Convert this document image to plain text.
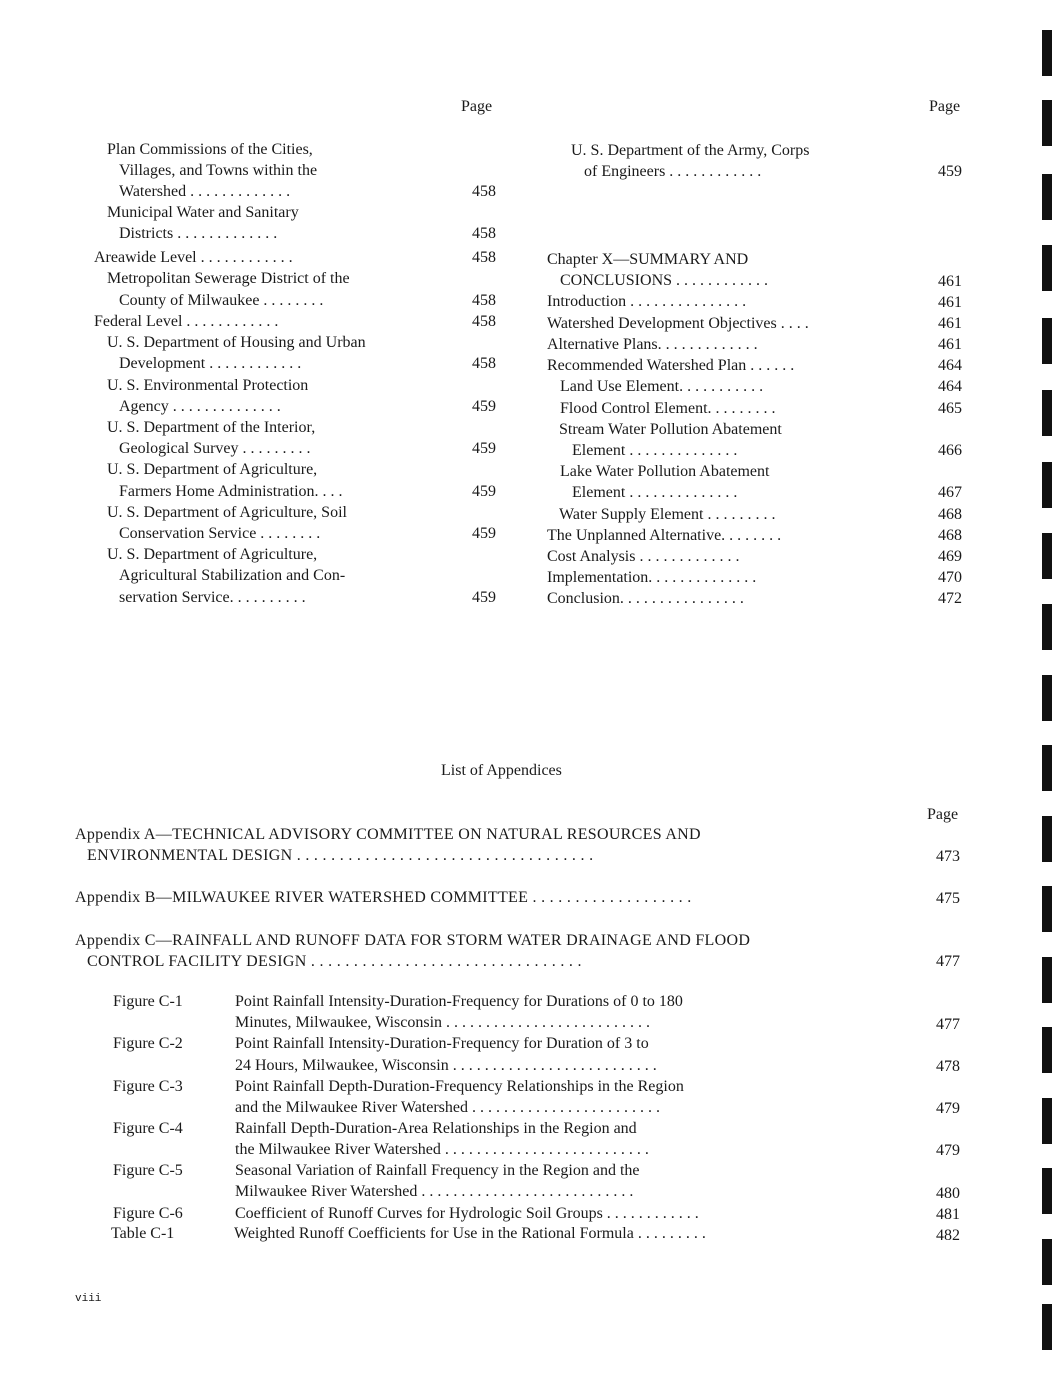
Page	Page
Plan Commissions of the Cities,
Villages, and Towns within the
Watershed . . . . . . . . . . . . .	458
Municipal Water and Sanitary
Districts . . . . . . . . . . . . .	458
Areawide Level . . . . . . . . . . . .	458
Metropolitan Sewerage District of the
County of Milwaukee . . . . . . . .	458
Federal Level . . . . . . . . . . . .	458
U. S. Department of Housing and Urban
Development . . . . . . . . . . . .	458
U. S. Environmental Protection
Agency . . . . . . . . . . . . . .	459
U. S. Department of the Interior,
Geological Survey . . . . . . . . .	459
U. S. Department of Agriculture,
Farmers Home Administration. . . .	459
U. S. Department of Agriculture, Soil
Conservation Service . . . . . . . .	459
U. S. Department of Agriculture,
Agricultural Stabilization and Con-
servation Service. . . . . . . . . .	459
U. S. Department of the Army, Corps
of Engineers . . . . . . . . . . . .	459
Chapter X—SUMMARY AND
CONCLUSIONS . . . . . . . . . . . .	461
Introduction . . . . . . . . . . . . . . .	461
Watershed Development Objectives . . . .	461
Alternative Plans. . . . . . . . . . . . .	461
Recommended Watershed Plan . . . . . .	464
Land Use Element. . . . . . . . . . .	464
Flood Control Element. . . . . . . . .	465
Stream Water Pollution Abatement
Element . . . . . . . . . . . . . .	466
Lake Water Pollution Abatement
Element . . . . . . . . . . . . . .	467
Water Supply Element . . . . . . . . .	468
The Unplanned Alternative. . . . . . . .	468
Cost Analysis . . . . . . . . . . . . .	469
Implementation. . . . . . . . . . . . . .	470
Conclusion. . . . . . . . . . . . . . . .	472
List of Appendices
Page
Appendix A—TECHNICAL ADVISORY COMMITTEE ON NATURAL RESOURCES AND
ENVIRONMENTAL DESIGN . . . . . . . . . . . . . . . . . . . . . . . . . . . . . . . . . . .	473
Appendix B—MILWAUKEE RIVER WATERSHED COMMITTEE . . . . . . . . . . . . . . . . . . .	475
Appendix C—RAINFALL AND RUNOFF DATA FOR STORM WATER DRAINAGE AND FLOOD
CONTROL FACILITY DESIGN . . . . . . . . . . . . . . . . . . . . . . . . . . . . . . . .	477
Figure C-1	Point Rainfall Intensity-Duration-Frequency for Durations of 0 to 180
Minutes, Milwaukee, Wisconsin . . . . . . . . . . . . . . . . . . . . . . . . . .	477
Figure C-2	Point Rainfall Intensity-Duration-Frequency for Duration of 3 to
24 Hours, Milwaukee, Wisconsin . . . . . . . . . . . . . . . . . . . . . . . . . .	478
Figure C-3	Point Rainfall Depth-Duration-Frequency Relationships in the Region
and the Milwaukee River Watershed . . . . . . . . . . . . . . . . . . . . . . . .	479
Figure C-4	Rainfall Depth-Duration-Area Relationships in the Region and
the Milwaukee River Watershed . . . . . . . . . . . . . . . . . . . . . . . . . .	479
Figure C-5	Seasonal Variation of Rainfall Frequency in the Region and the
Milwaukee River Watershed . . . . . . . . . . . . . . . . . . . . . . . . . . .	480
Figure C-6	Coefficient of Runoff Curves for Hydrologic Soil Groups . . . . . . . . . . . .	481
Table C-1	Weighted Runoff Coefficients for Use in the Rational Formula . . . . . . . . .	482
viii
